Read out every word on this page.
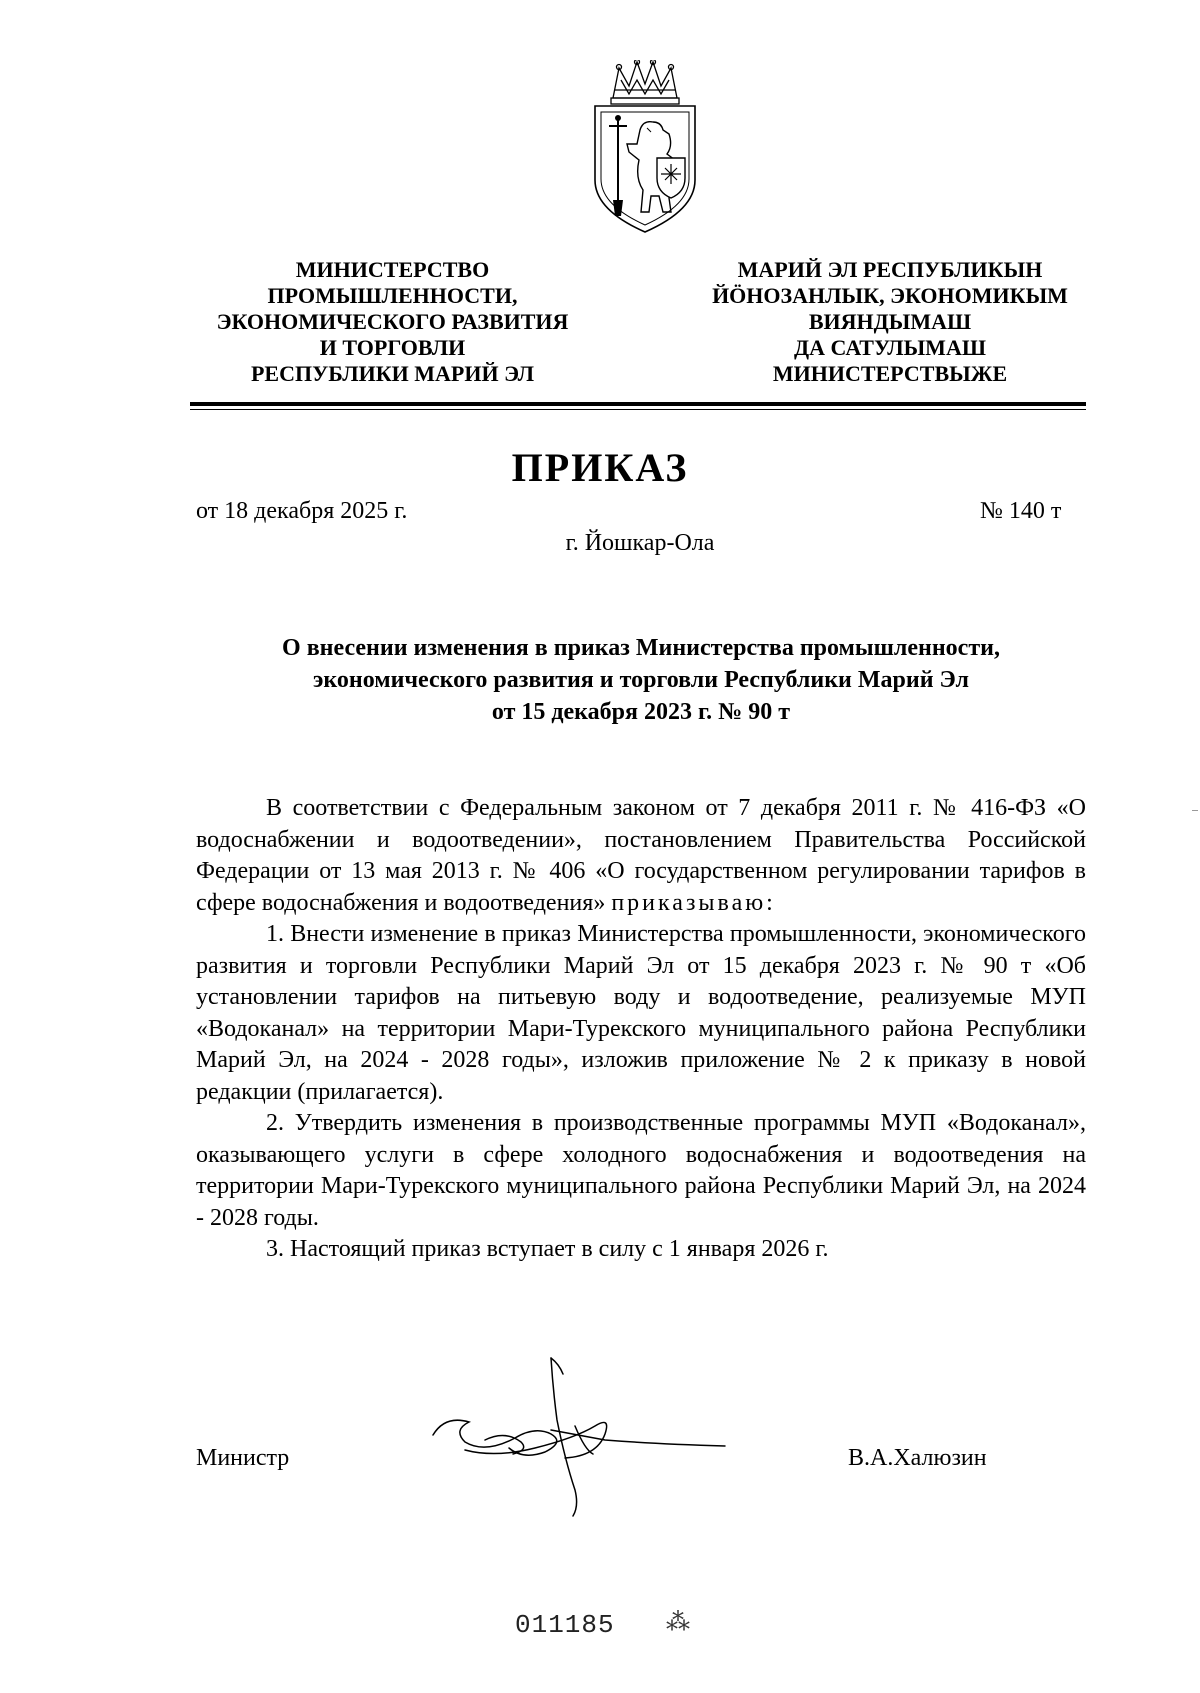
МИНИСТЕРСТВО
ПРОМЫШЛЕННОСТИ,
ЭКОНОМИЧЕСКОГО РАЗВИТИЯ
И ТОРГОВЛИ
РЕСПУБЛИКИ МАРИЙ ЭЛ
МАРИЙ ЭЛ РЕСПУБЛИКЫН
ЙӦНОЗАНЛЫК, ЭКОНОМИКЫМ
ВИЯНДЫМАШ
ДА САТУЛЫМАШ
МИНИСТЕРСТВЫЖЕ
ПРИКАЗ
от 18 декабря 2025 г.	№ 140 т
г. Йошкар-Ола
О внесении изменения в приказ Министерства промышленности,
экономического развития и торговли Республики Марий Эл
от 15 декабря 2023 г. № 90 т

В соответствии с Федеральным законом от 7 декабря 2011 г. № 416-ФЗ «О водоснабжении и водоотведении», постановлением Правительства Российской Федерации от 13 мая 2013 г. № 406 «О государственном регулировании тарифов в сфере водоснабжения и водоотведения» приказываю:

1. Внести изменение в приказ Министерства промышленности, экономического развития и торговли Республики Марий Эл от 15 декабря 2023 г. № 90 т «Об установлении тарифов на питьевую воду и водоотведение, реализуемые МУП «Водоканал» на территории Мари-Турекского муниципального района Республики Марий Эл, на 2024 - 2028 годы», изложив приложение № 2 к приказу в новой редакции (прилагается).

2. Утвердить изменения в производственные программы МУП «Водоканал», оказывающего услуги в сфере холодного водоснабжения и водоотведения на территории Мари-Турекского муниципального района Республики Марий Эл, на 2024 - 2028 годы.

3. Настоящий приказ вступает в силу с 1 января 2026 г.

Министр	В.А.Халюзин
011185 ⁂
